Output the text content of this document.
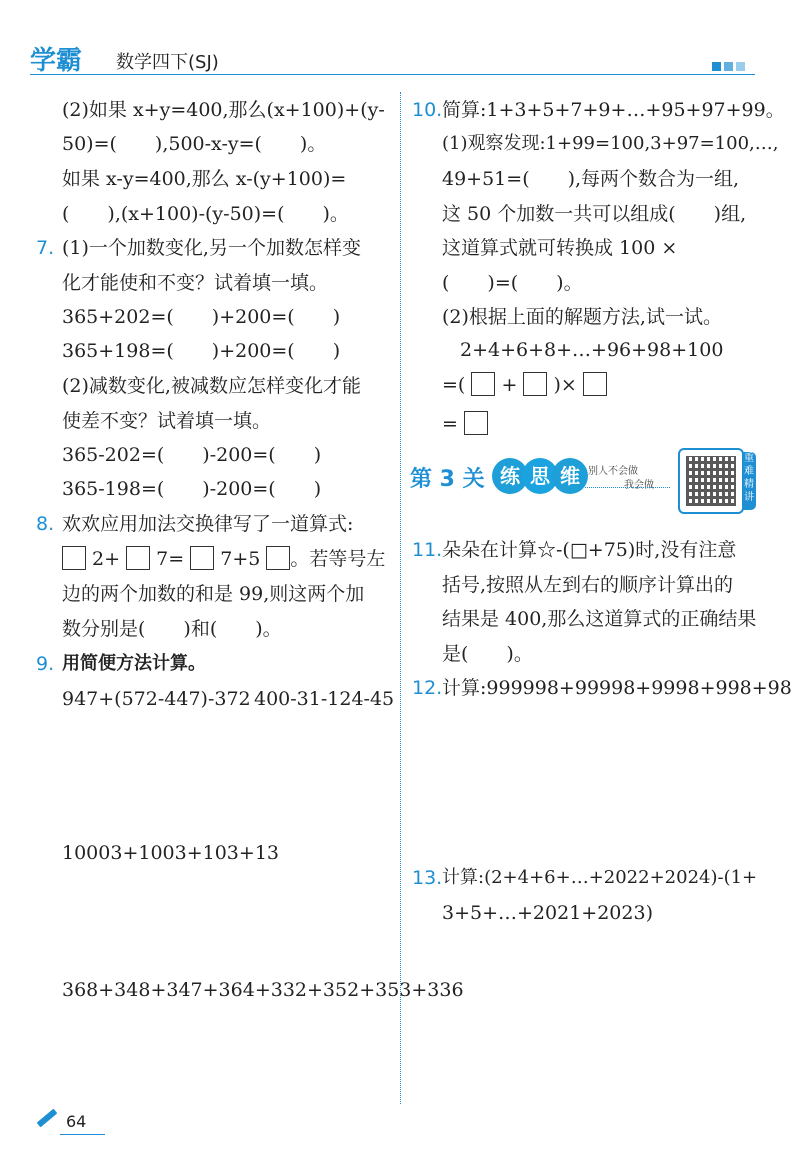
学霸 数学四下(SJ)
(2)如果 x+y=400,那么(x+100)+(y-
50)=(　　),500-x-y=(　　)。
如果 x-y=400,那么 x-(y+100)=
(　　),(x+100)-(y-50)=(　　)。
7. (1)一个加数变化,另一个加数怎样变
化才能使和不变？试着填一填。
365+202=(　　)+200=(　　)
365+198=(　　)+200=(　　)
(2)减数变化,被减数应怎样变化才能
使差不变？试着填一填。
365-202=(　　)-200=(　　)
365-198=(　　)-200=(　　)
8. 欢欢应用加法交换律写了一道算式:
2+ 7= 7+5 。若等号左
边的两个加数的和是 99,则这两个加
数分别是(　　)和(　　)。
9. 用简便方法计算。
947+(572-447)-372 400-31-124-45
10003+1003+103+13
368+348+347+364+332+352+353+336
10. 简算:1+3+5+7+9+…+95+97+99。
(1)观察发现:1+99=100,3+97=100,…,
49+51=(　　),每两个数合为一组,
这 50 个加数一共可以组成(　　)组,
这道算式就可转换成 100 ×
(　　)=(　　)。
(2)根据上面的解题方法,试一试。
2+4+6+8+…+96+98+100
=( + )×
=
第 3 关 练 思 维 别人不会做
我会做
重难精讲
11. 朵朵在计算☆-(□+75)时,没有注意
括号,按照从左到右的顺序计算出的
结果是 400,那么这道算式的正确结果
是(　　)。
12. 计算:999998+99998+9998+998+98
13. 计算:(2+4+6+…+2022+2024)-(1+
3+5+…+2021+2023)
64
